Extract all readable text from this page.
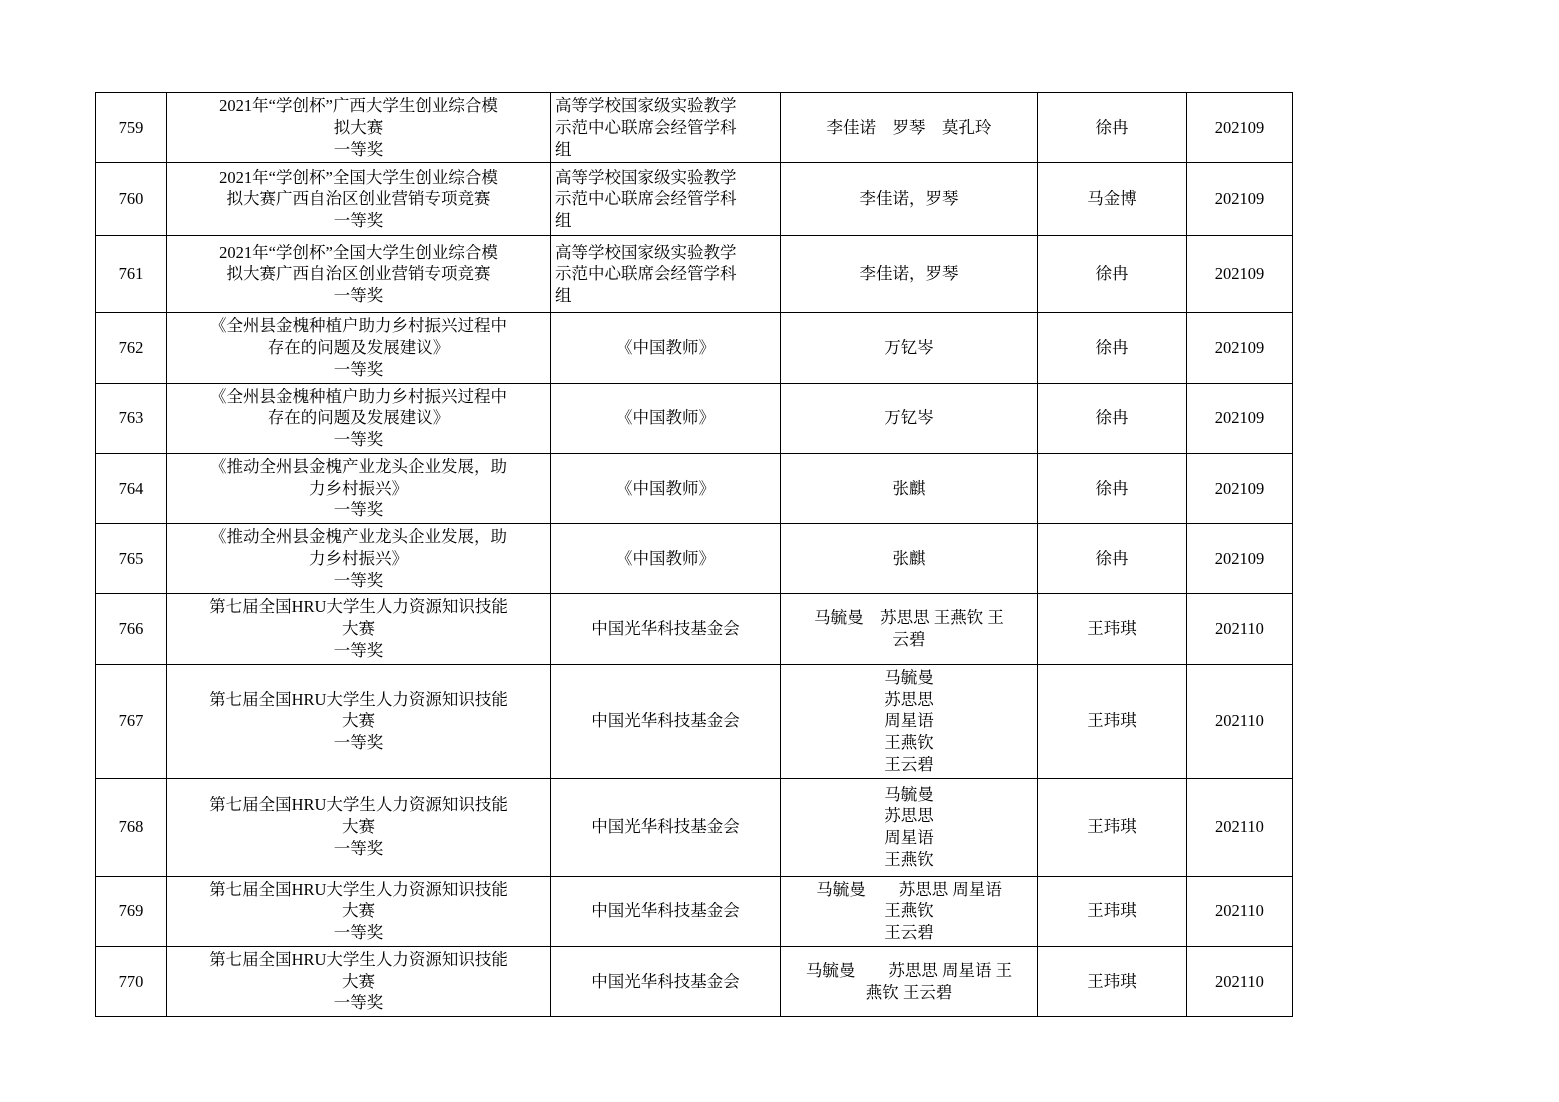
759	2021年“学创杯”广西大学生创业综合模
拟大赛
一等奖	高等学校国家级实验教学
示范中心联席会经管学科
组	李佳诺　罗琴　莫孔玲	徐冉	202109
760	2021年“学创杯”全国大学生创业综合模
拟大赛广西自治区创业营销专项竞赛
一等奖	高等学校国家级实验教学
示范中心联席会经管学科
组	李佳诺，罗琴	马金博	202109
761	2021年“学创杯”全国大学生创业综合模
拟大赛广西自治区创业营销专项竞赛
一等奖	高等学校国家级实验教学
示范中心联席会经管学科
组	李佳诺，罗琴	徐冉	202109
762	《全州县金槐种植户助力乡村振兴过程中
存在的问题及发展建议》
一等奖	《中国教师》	万钇岑	徐冉	202109
763	《全州县金槐种植户助力乡村振兴过程中
存在的问题及发展建议》
一等奖	《中国教师》	万钇岑	徐冉	202109
764	《推动全州县金槐产业龙头企业发展，助
力乡村振兴》
一等奖	《中国教师》	张麒	徐冉	202109
765	《推动全州县金槐产业龙头企业发展，助
力乡村振兴》
一等奖	《中国教师》	张麒	徐冉	202109
766	第七届全国HRU大学生人力资源知识技能
大赛
一等奖	中国光华科技基金会	马毓曼　苏思思 王燕钦 王
云碧	王玮琪	202110
767	第七届全国HRU大学生人力资源知识技能
大赛
一等奖	中国光华科技基金会	马毓曼
苏思思
周星语
王燕钦
王云碧	王玮琪	202110
768	第七届全国HRU大学生人力资源知识技能
大赛
一等奖	中国光华科技基金会	马毓曼
苏思思
周星语
王燕钦	王玮琪	202110
769	第七届全国HRU大学生人力资源知识技能
大赛
一等奖	中国光华科技基金会	马毓曼　　苏思思 周星语
王燕钦
王云碧	王玮琪	202110
770	第七届全国HRU大学生人力资源知识技能
大赛
一等奖	中国光华科技基金会	马毓曼　　苏思思 周星语 王
燕钦 王云碧	王玮琪	202110
